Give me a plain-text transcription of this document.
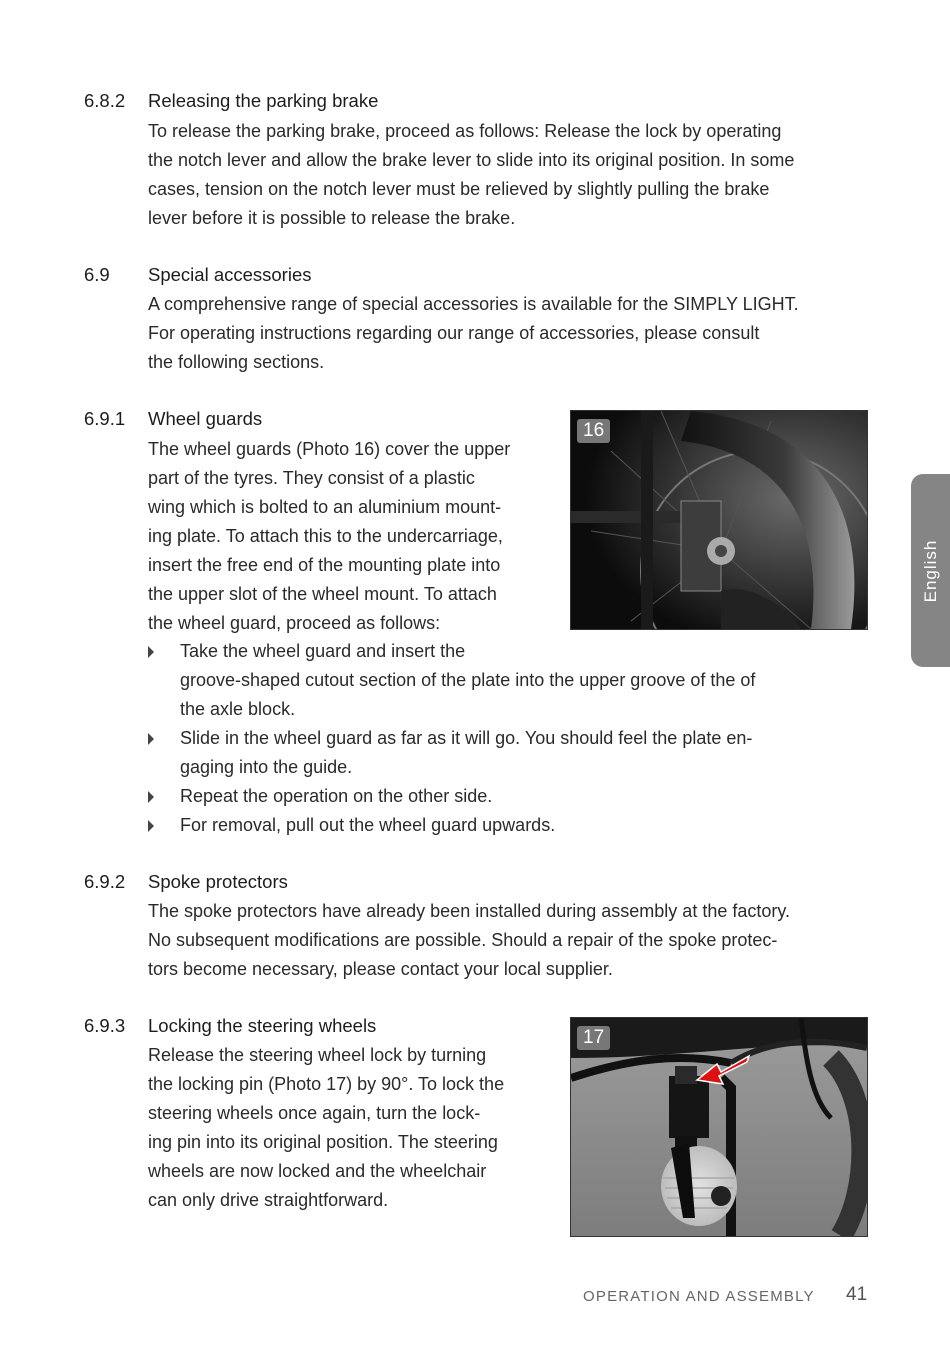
6.8.2 Releasing the parking brake
To release the parking brake, proceed as follows: Release the lock by operating
the notch lever and allow the brake lever to slide into its original position. In some
cases, tension on the notch lever must be relieved by slightly pulling the brake
lever before it is possible to release the brake.
6.9 Special accessories
A comprehensive range of special accessories is available for the SIMPLY LIGHT.
For operating instructions regarding our range of accessories, please consult
the following sections.
6.9.1 Wheel guards
The wheel guards (Photo 16) cover the upper
part of the tyres. They consist of a plastic
wing which is bolted to an aluminium mount-
ing plate. To attach this to the undercarriage,
insert the free end of the mounting plate into
the upper slot of the wheel mount. To attach
the wheel guard, proceed as follows:
Take the wheel guard and insert the
groove-shaped cutout section of the plate into the upper groove of the of
the axle block.
Slide in the wheel guard as far as it will go. You should feel the plate en-
gaging into the guide.
Repeat the operation on the other side.
For removal, pull out the wheel guard upwards.
16
6.9.2 Spoke protectors
The spoke protectors have already been installed during assembly at the factory.
No subsequent modifications are possible. Should a repair of the spoke protec-
tors become necessary, please contact your local supplier.
6.9.3 Locking the steering wheels
Release the steering wheel lock by turning
the locking pin (Photo 17) by 90°. To lock the
steering wheels once again, turn the lock-
ing pin into its original position. The steering
wheels are now locked and the wheelchair
can only drive straightforward.
17
English
OPERATION AND ASSEMBLY 41
